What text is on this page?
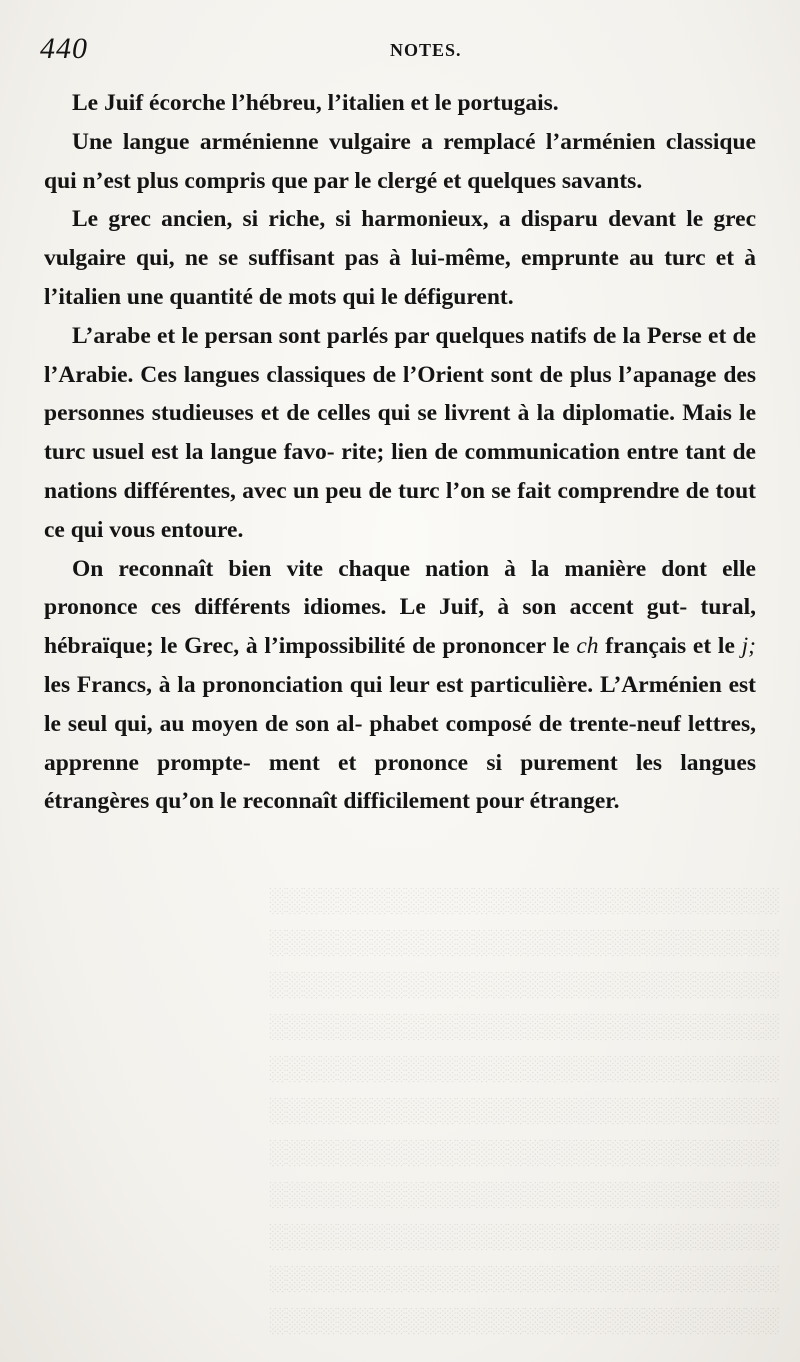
░░░░░░░░░░░░░░░░░░░░░░░░░░░░░░
░░░░░░░░░░░░░░░░░░░░░░░░░░░░░░
░░░░░░░░░░░░░░░░░░░░░░░░░░░░░░
░░░░░░░░░░░░░░░░░░░░░░░░░░░░░░
░░░░░░░░░░░░░░░░░░░░░░░░░░░░░░
░░░░░░░░░░░░░░░░░░░░░░░░░░░░░░
░░░░░░░░░░░░░░░░░░░░░░░░░░░░░░
░░░░░░░░░░░░░░░░░░░░░░░░░░░░░░
░░░░░░░░░░░░░░░░░░░░░░░░░░░░░░
░░░░░░░░░░░░░░░░░░░░░░░░░░░░░░
░░░░░░░░░░░░░░░░░░░░░░░░░░░░░░
440	NOTES.

Le Juif écorche l’hébreu, l’italien et le portugais.

Une langue arménienne vulgaire a remplacé l’arménien classique qui n’est plus compris que par le clergé et quelques savants.

Le grec ancien, si riche, si harmonieux, a disparu devant le grec vulgaire qui, ne se suffisant pas à lui-même, emprunte au turc et à l’italien une quantité de mots qui le défigurent.

L’arabe et le persan sont parlés par quelques natifs de la Perse et de l’Arabie. Ces langues classiques de l’Orient sont de plus l’apanage des personnes studieuses et de celles qui se livrent à la diplomatie. Mais le turc usuel est la langue favo- rite; lien de communication entre tant de nations différentes, avec un peu de turc l’on se fait comprendre de tout ce qui vous entoure.

On reconnaît bien vite chaque nation à la manière dont elle prononce ces différents idiomes. Le Juif, à son accent gut- tural, hébraïque; le Grec, à l’impossibilité de prononcer le ch français et le j; les Francs, à la prononciation qui leur est particulière. L’Arménien est le seul qui, au moyen de son al- phabet composé de trente-neuf lettres, apprenne prompte- ment et prononce si purement les langues étrangères qu’on le reconnaît difficilement pour étranger.
